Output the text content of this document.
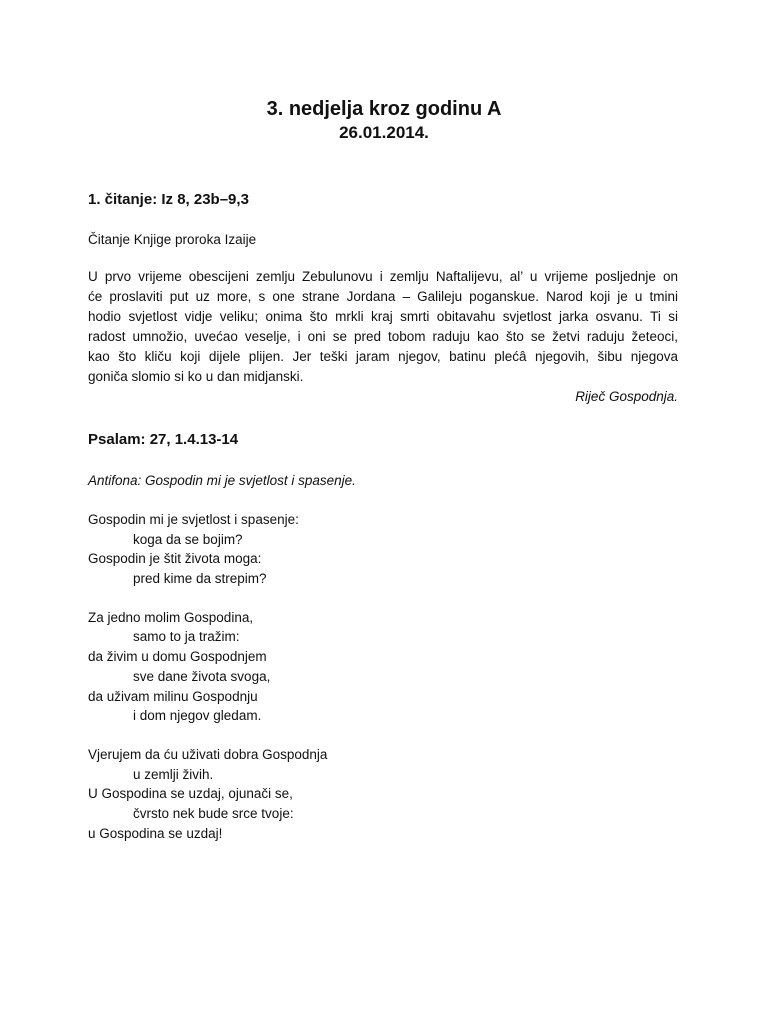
3. nedjelja kroz godinu A
26.01.2014.
1. čitanje: Iz 8, 23b–9,3

Čitanje Knjige proroka Izaije

U prvo vrijeme obescijeni zemlju Zebulunovu i zemlju Naftalijevu, al’ u vrijeme posljednje on
će proslaviti put uz more, s one strane Jordana – Galileju poganskue. Narod koji je u tmini
hodio svjetlost vidje veliku; onima što mrkli kraj smrti obitavahu svjetlost jarka osvanu. Ti si
radost umnožio, uvećao veselje, i oni se pred tobom raduju kao što se žetvi raduju žeteoci,
kao što kliču koji dijele plijen. Jer teški jaram njegov, batinu plećâ njegovih, šibu njegova
goniča slomio si ko u dan midjanski.

Riječ Gospodnja.

Psalam: 27, 1.4.13-14

Antifona: Gospodin mi je svjetlost i spasenje.

Gospodin mi je svjetlost i spasenje:
koga da se bojim?
Gospodin je štit života moga:
pred kime da strepim?
Za jedno molim Gospodina,
samo to ja tražim:
da živim u domu Gospodnjem
sve dane života svoga,
da uživam milinu Gospodnju
i dom njegov gledam.
Vjerujem da ću uživati dobra Gospodnja
u zemlji živih.
U Gospodina se uzdaj, ojunači se,
čvrsto nek bude srce tvoje:
u Gospodina se uzdaj!
